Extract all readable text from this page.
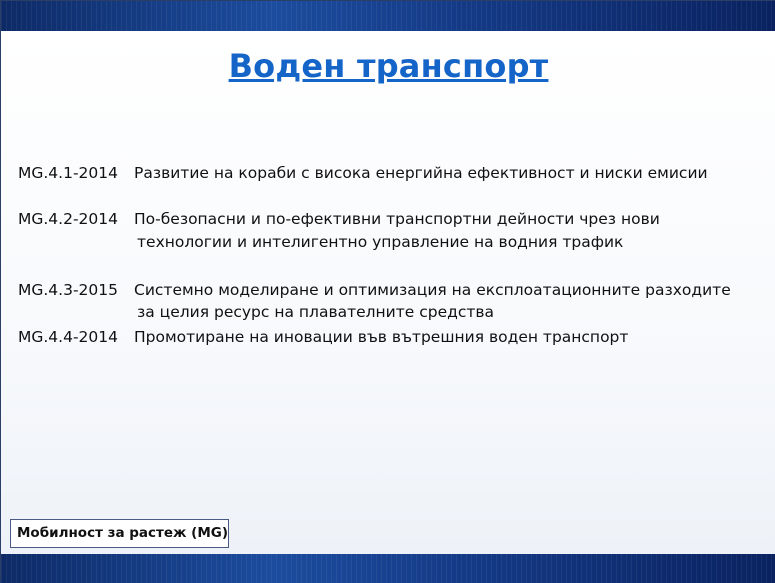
Воден транспорт
MG.4.1-2014 Развитие на кораби с висока енергийна ефективност и ниски емисии
MG.4.2-2014 По-безопасни и по-ефективни транспортни дейности чрез нови
технологии и интелигентно управление на водния трафик
MG.4.3-2015 Системно моделиране и оптимизация на експлоатационните разходите
за целия ресурс на плавателните средства
MG.4.4-2014 Промотиране на иновации във вътрешния воден транспорт
Мобилност за растеж (MG)
